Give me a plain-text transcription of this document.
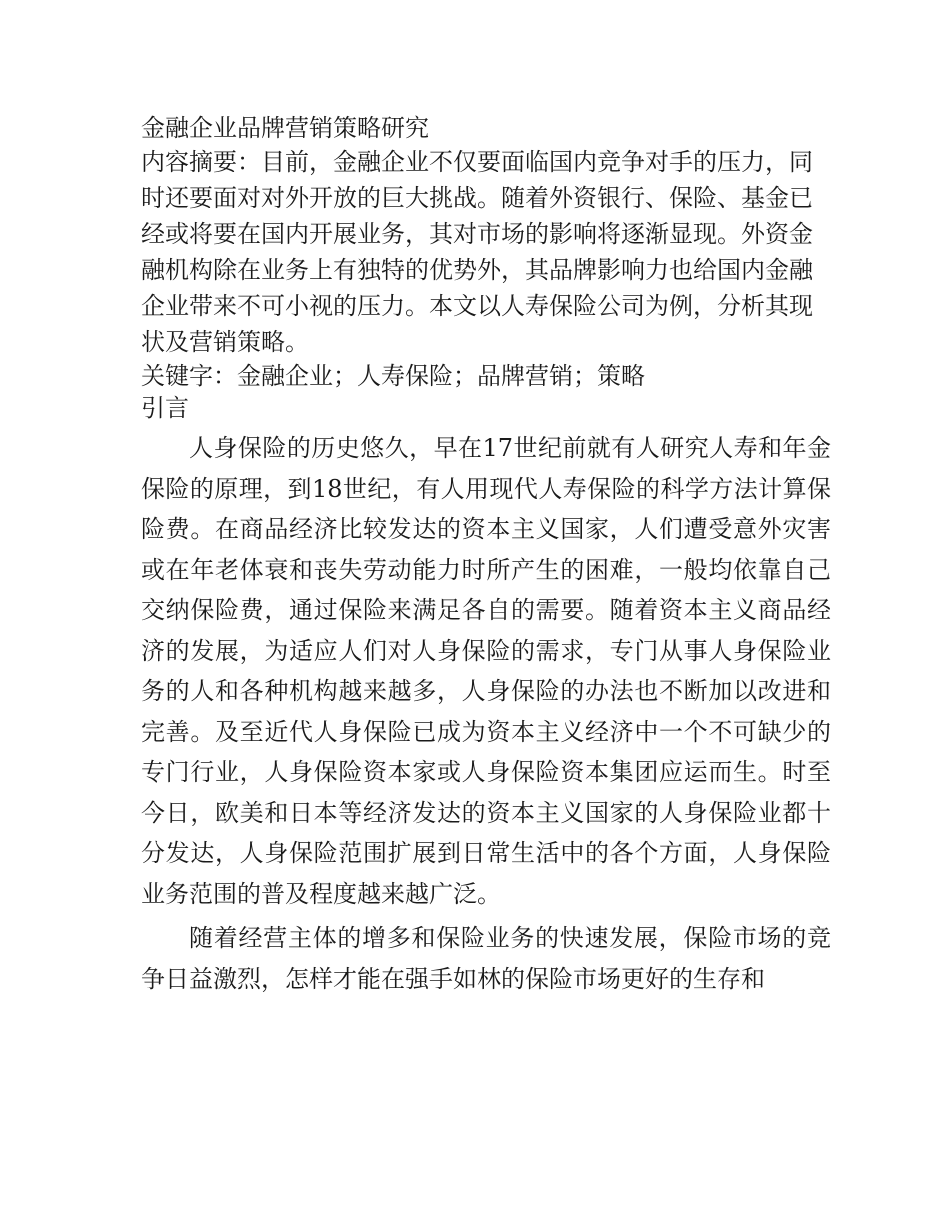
金融企业品牌营销策略研究

内容摘要：目前，金融企业不仅要面临国内竞争对手的压力，同时还要面对对外开放的巨大挑战。随着外资银行、保险、基金已经或将要在国内开展业务，其对市场的影响将逐渐显现。外资金融机构除在业务上有独特的优势外，其品牌影响力也给国内金融企业带来不可小视的压力。本文以人寿保险公司为例，分析其现状及营销策略。

关键字：金融企业；人寿保险；品牌营销；策略

引言

人身保险的历史悠久，早在17世纪前就有人研究人寿和年金保险的原理，到18世纪，有人用现代人寿保险的科学方法计算保险费。在商品经济比较发达的资本主义国家，人们遭受意外灾害或在年老体衰和丧失劳动能力时所产生的困难，一般均依靠自己交纳保险费，通过保险来满足各自的需要。随着资本主义商品经济的发展，为适应人们对人身保险的需求，专门从事人身保险业务的人和各种机构越来越多，人身保险的办法也不断加以改进和完善。及至近代人身保险已成为资本主义经济中一个不可缺少的专门行业，人身保险资本家或人身保险资本集团应运而生。时至今日，欧美和日本等经济发达的资本主义国家的人身保险业都十分发达，人身保险范围扩展到日常生活中的各个方面，人身保险业务范围的普及程度越来越广泛。

随着经营主体的增多和保险业务的快速发展，保险市场的竞争日益激烈，怎样才能在强手如林的保险市场更好的生存和
